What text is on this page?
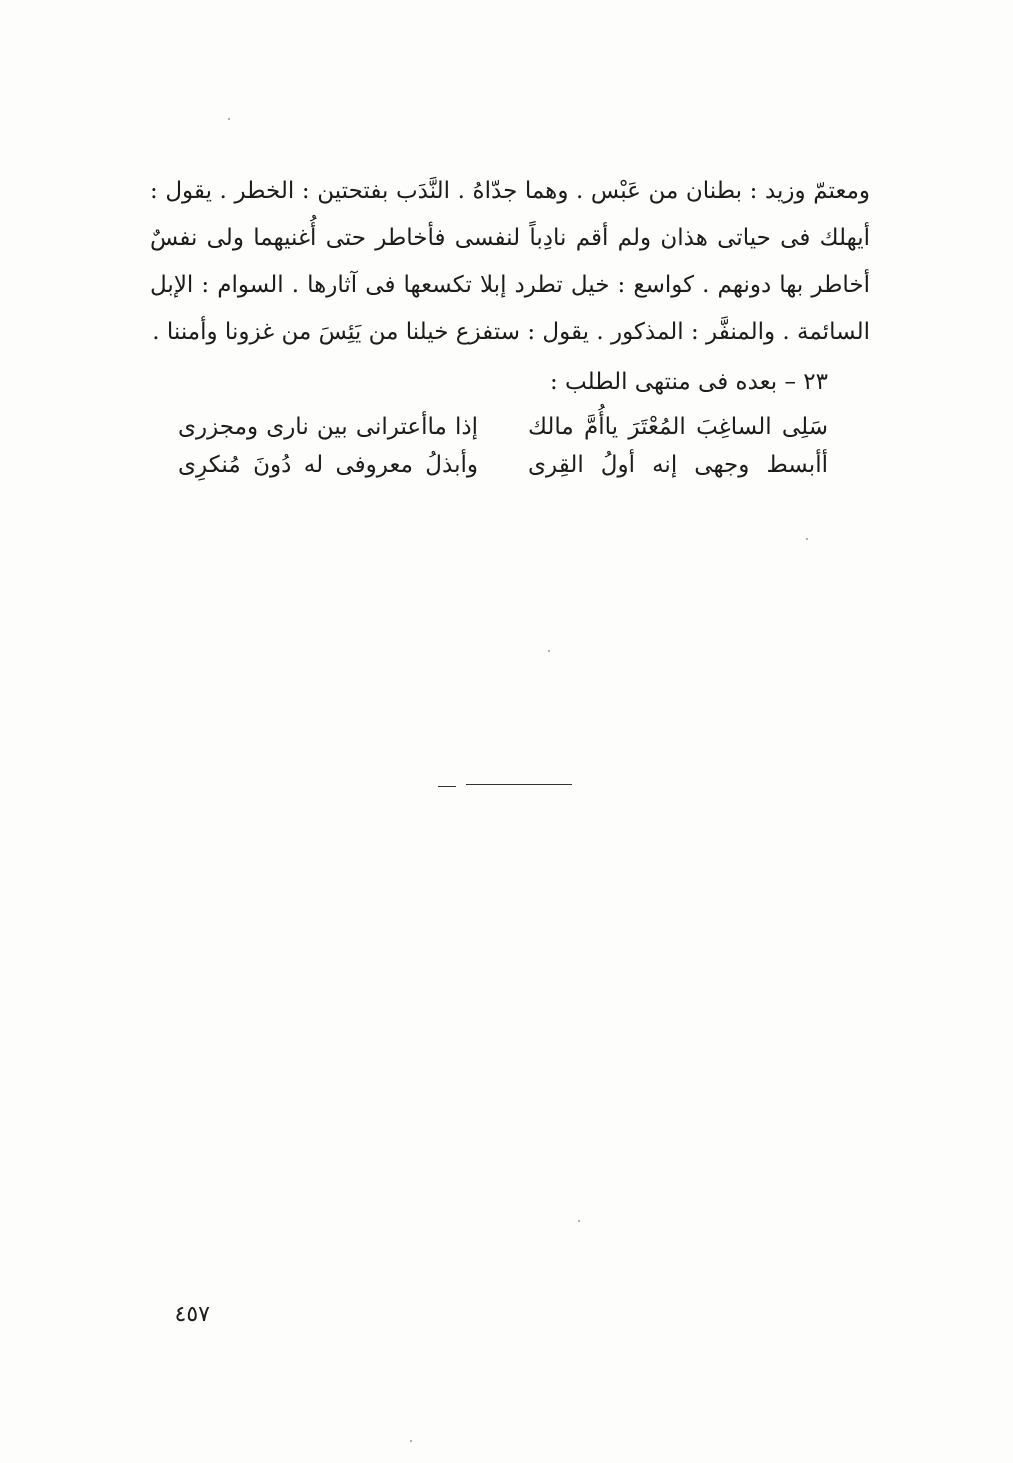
ومعتمّ وزيد : بطنان من عَبْس . وهما جدّاهُ . النَّدَب بفتحتين : الخطر . يقول : أيهلك فى حياتى هذان ولم أقم نادِباً لنفسى فأخاطر حتى أُغنيهما ولى نفسٌ أخاطر بها دونهم . كواسع : خيل تطرد إبلا تكسعها فى آثارها . السوام : الإبل السائمة . والمنفَّر : المذكور . يقول : ستفزع خيلنا من يَئِسَ من غزونا وأمننا .

٢٣ – بعده فى منتهى الطلب :
سَلِى الساغِبَ المُعْتَرَ ياأُمَّ مالك
إذا ماأعترانى بين نارى ومجزرى
أأبسط وجهى إنه أولُ القِرى
وأبذلُ معروفى له دُونَ مُنكرِى
٤٥٧
